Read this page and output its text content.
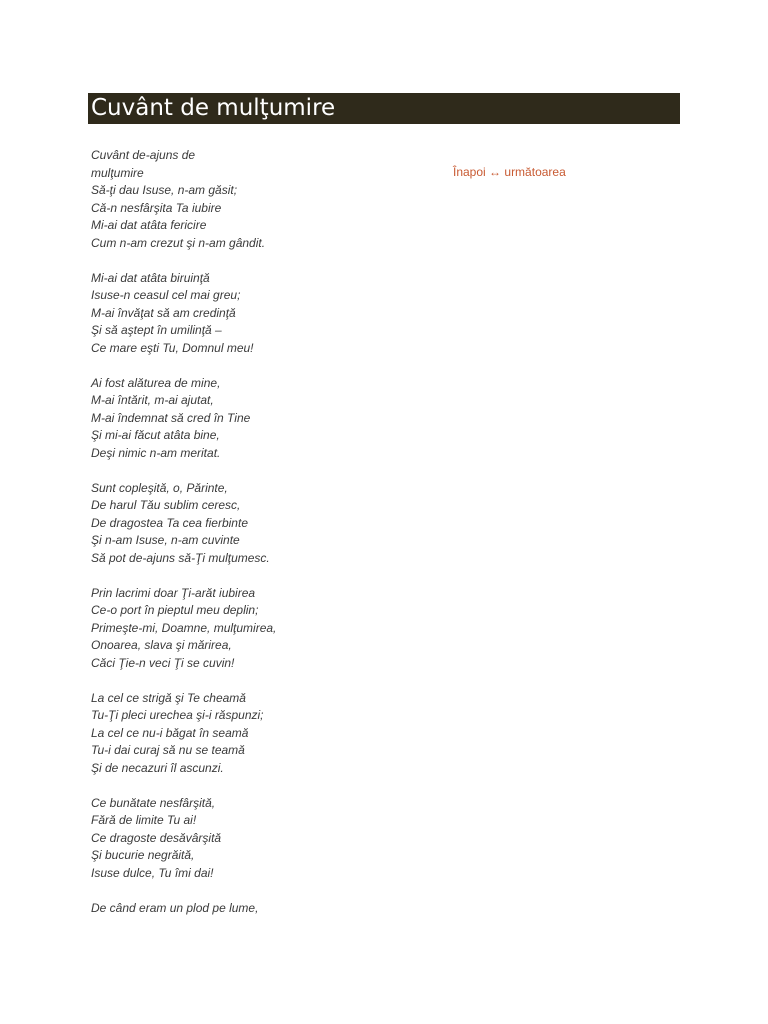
Cuvânt de mulţumire
Înapoi ↔ următoarea
Cuvânt de-ajuns de
mulţumire
Să-ţi dau Isuse, n-am găsit;
Că-n nesfârşita Ta iubire
Mi-ai dat atâta fericire
Cum n-am crezut şi n-am gândit.
Mi-ai dat atâta biruinţă
Isuse-n ceasul cel mai greu;
M-ai învăţat să am credinţă
Şi să aştept în umilinţă –
Ce mare eşti Tu, Domnul meu!
Ai fost alăturea de mine,
M-ai întărit, m-ai ajutat,
M-ai îndemnat să cred în Tine
Şi mi-ai făcut atâta bine,
Deşi nimic n-am meritat.
Sunt copleşită, o, Părinte,
De harul Tău sublim ceresc,
De dragostea Ta cea fierbinte
Şi n-am Isuse, n-am cuvinte
Să pot de-ajuns să-Ţi mulţumesc.
Prin lacrimi doar Ţi-arăt iubirea
Ce-o port în pieptul meu deplin;
Primeşte-mi, Doamne, mulţumirea,
Onoarea, slava şi mărirea,
Căci Ţie-n veci Ţi se cuvin!
La cel ce strigă şi Te cheamă
Tu-Ţi pleci urechea şi-i răspunzi;
La cel ce nu-i băgat în seamă
Tu-i dai curaj să nu se teamă
Şi de necazuri îl ascunzi.
Ce bunătate nesfârşită,
Fără de limite Tu ai!
Ce dragoste desăvârşită
Şi bucurie negrăită,
Isuse dulce, Tu îmi dai!
De când eram un plod pe lume,
